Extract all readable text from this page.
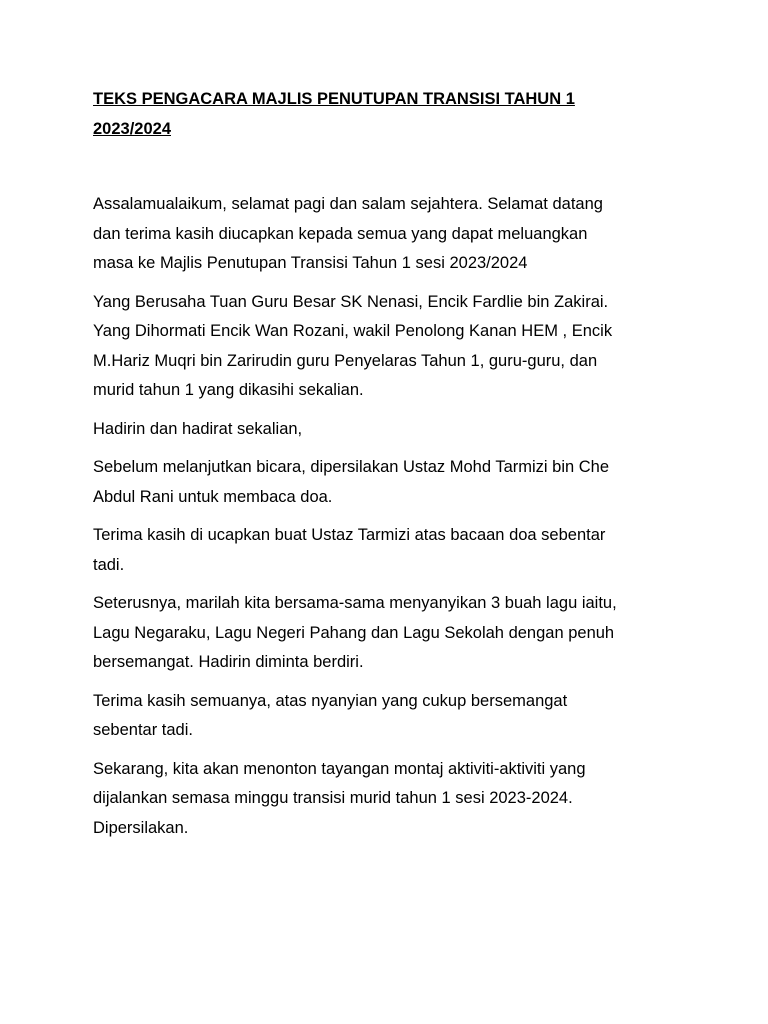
TEKS PENGACARA MAJLIS PENUTUPAN TRANSISI TAHUN 1
2023/2024
Assalamualaikum, selamat pagi dan salam sejahtera. Selamat datang
dan terima kasih diucapkan kepada semua yang dapat meluangkan
masa ke Majlis Penutupan Transisi Tahun 1 sesi 2023/2024
Yang Berusaha Tuan Guru Besar SK Nenasi, Encik Fardlie bin Zakirai.
Yang Dihormati Encik Wan Rozani, wakil Penolong Kanan HEM , Encik
M.Hariz Muqri bin Zarirudin guru Penyelaras Tahun 1, guru-guru, dan
murid tahun 1 yang dikasihi sekalian.
Hadirin dan hadirat sekalian,
Sebelum melanjutkan bicara, dipersilakan Ustaz Mohd Tarmizi bin Che
Abdul Rani untuk membaca doa.
Terima kasih di ucapkan buat Ustaz Tarmizi atas bacaan doa sebentar
tadi.
Seterusnya, marilah kita bersama-sama menyanyikan 3 buah lagu iaitu,
Lagu Negaraku, Lagu Negeri Pahang dan Lagu Sekolah dengan penuh
bersemangat. Hadirin diminta berdiri.
Terima kasih semuanya, atas nyanyian yang cukup bersemangat
sebentar tadi.
Sekarang, kita akan menonton tayangan montaj aktiviti-aktiviti yang
dijalankan semasa minggu transisi murid tahun 1 sesi 2023-2024.
Dipersilakan.
